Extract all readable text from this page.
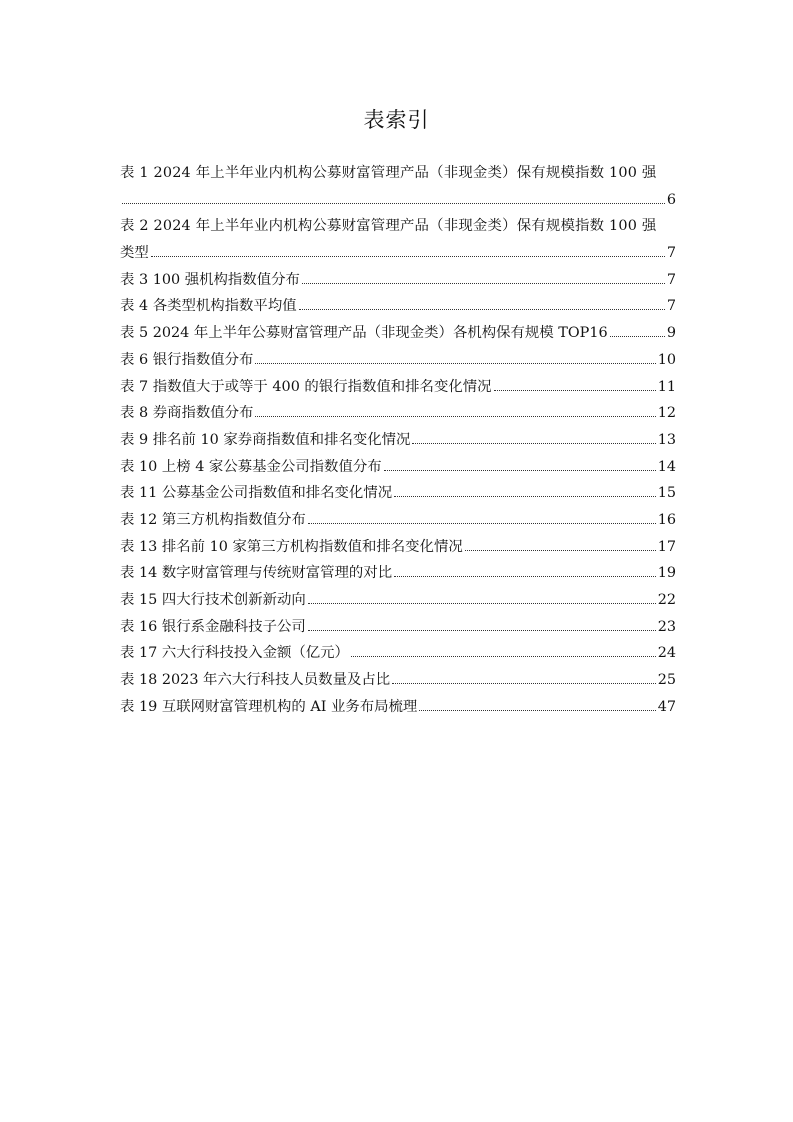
表索引
表 1 2024 年上半年业内机构公募财富管理产品（非现金类）保有规模指数 100 强
6
表 2 2024 年上半年业内机构公募财富管理产品（非现金类）保有规模指数 100 强
类型	7
表 3 100 强机构指数值分布	7
表 4 各类型机构指数平均值	7
表 5 2024 年上半年公募财富管理产品（非现金类）各机构保有规模 TOP16	9
表 6 银行指数值分布	10
表 7 指数值大于或等于 400 的银行指数值和排名变化情况	11
表 8 券商指数值分布	12
表 9 排名前 10 家券商指数值和排名变化情况	13
表 10 上榜 4 家公募基金公司指数值分布	14
表 11 公募基金公司指数值和排名变化情况	15
表 12 第三方机构指数值分布	16
表 13 排名前 10 家第三方机构指数值和排名变化情况	17
表 14 数字财富管理与传统财富管理的对比	19
表 15 四大行技术创新新动向	22
表 16 银行系金融科技子公司	23
表 17 六大行科技投入金额（亿元）	24
表 18 2023 年六大行科技人员数量及占比	25
表 19 互联网财富管理机构的 AI 业务布局梳理	47
